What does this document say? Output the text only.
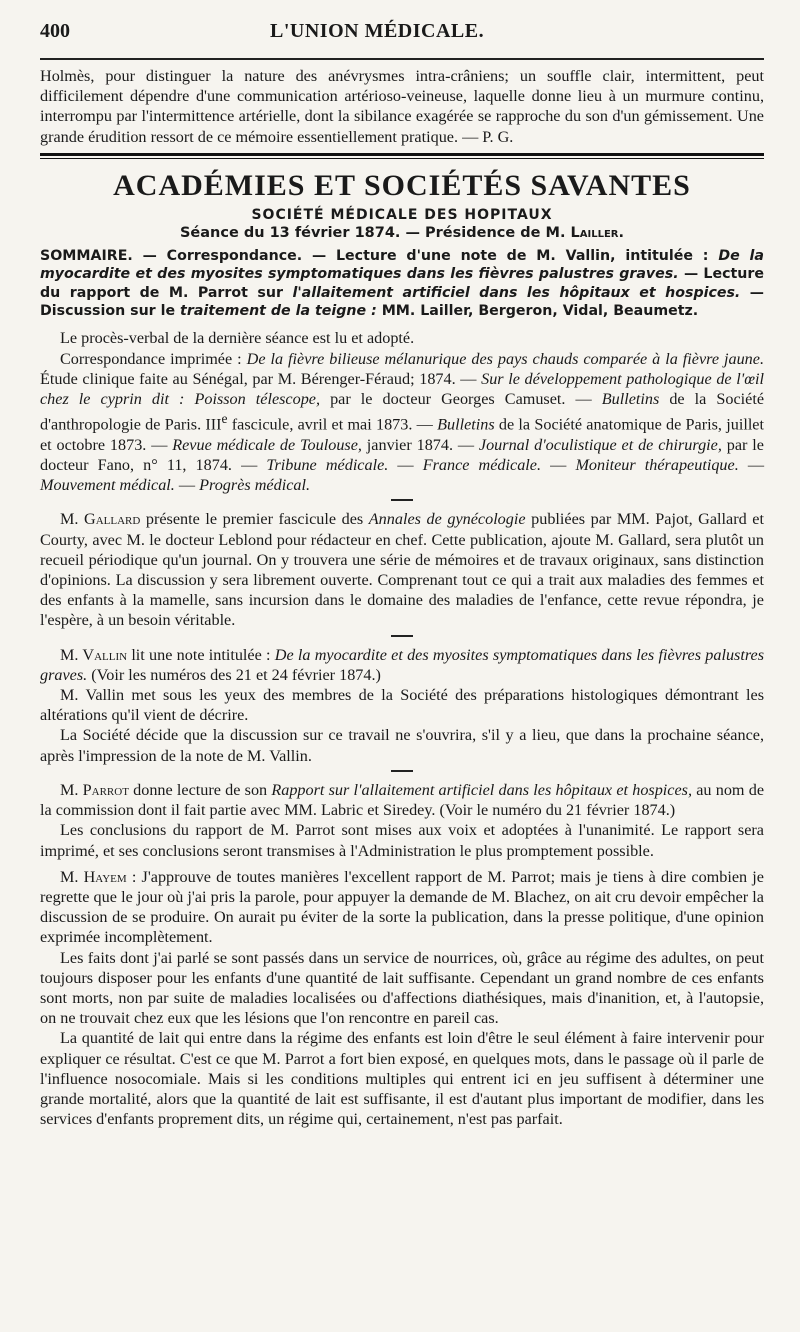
400	L'UNION MÉDICALE.

Holmès, pour distinguer la nature des anévrysmes intra-crâniens; un souffle clair, intermittent, peut difficilement dépendre d'une communication artérioso-veineuse, laquelle donne lieu à un murmure continu, interrompu par l'intermittence artérielle, dont la sibilance exagérée se rapproche du son d'un gémissement. Une grande érudition ressort de ce mémoire essentiellement pratique. — P. G.

ACADÉMIES ET SOCIÉTÉS SAVANTES
SOCIÉTÉ MÉDICALE DES HOPITAUX
Séance du 13 février 1874. — Présidence de M. Lailler.

SOMMAIRE. — Correspondance. — Lecture d'une note de M. Vallin, intitulée : De la myocardite et des myosites symptomatiques dans les fièvres palustres graves. — Lecture du rapport de M. Parrot sur l'allaitement artificiel dans les hôpitaux et hospices. — Discussion sur le traitement de la teigne : MM. Lailler, Bergeron, Vidal, Beaumetz.

Le procès-verbal de la dernière séance est lu et adopté.

Correspondance imprimée : De la fièvre bilieuse mélanurique des pays chauds comparée à la fièvre jaune. Étude clinique faite au Sénégal, par M. Bérenger-Féraud; 1874. — Sur le développement pathologique de l'œil chez le cyprin dit : Poisson télescope, par le docteur Georges Camuset. — Bulletins de la Société d'anthropologie de Paris. IIIe fascicule, avril et mai 1873. — Bulletins de la Société anatomique de Paris, juillet et octobre 1873. — Revue médicale de Toulouse, janvier 1874. — Journal d'oculistique et de chirurgie, par le docteur Fano, n° 11, 1874. — Tribune médicale. — France médicale. — Moniteur thérapeutique. — Mouvement médical. — Progrès médical.

M. Gallard présente le premier fascicule des Annales de gynécologie publiées par MM. Pajot, Gallard et Courty, avec M. le docteur Leblond pour rédacteur en chef. Cette publication, ajoute M. Gallard, sera plutôt un recueil périodique qu'un journal. On y trouvera une série de mémoires et de travaux originaux, sans distinction d'opinions. La discussion y sera librement ouverte. Comprenant tout ce qui a trait aux maladies des femmes et des enfants à la mamelle, sans incursion dans le domaine des maladies de l'enfance, cette revue répondra, je l'espère, à un besoin véritable.

M. Vallin lit une note intitulée : De la myocardite et des myosites symptomatiques dans les fièvres palustres graves. (Voir les numéros des 21 et 24 février 1874.)

M. Vallin met sous les yeux des membres de la Société des préparations histologiques démontrant les altérations qu'il vient de décrire.

La Société décide que la discussion sur ce travail ne s'ouvrira, s'il y a lieu, que dans la prochaine séance, après l'impression de la note de M. Vallin.

M. Parrot donne lecture de son Rapport sur l'allaitement artificiel dans les hôpitaux et hospices, au nom de la commission dont il fait partie avec MM. Labric et Siredey. (Voir le numéro du 21 février 1874.)

Les conclusions du rapport de M. Parrot sont mises aux voix et adoptées à l'unanimité. Le rapport sera imprimé, et ses conclusions seront transmises à l'Administration le plus promptement possible.

M. Hayem : J'approuve de toutes manières l'excellent rapport de M. Parrot; mais je tiens à dire combien je regrette que le jour où j'ai pris la parole, pour appuyer la demande de M. Blachez, on ait cru devoir empêcher la discussion de se produire. On aurait pu éviter de la sorte la publication, dans la presse politique, d'une opinion exprimée incomplètement.

Les faits dont j'ai parlé se sont passés dans un service de nourrices, où, grâce au régime des adultes, on peut toujours disposer pour les enfants d'une quantité de lait suffisante. Cependant un grand nombre de ces enfants sont morts, non par suite de maladies localisées ou d'affections diathésiques, mais d'inanition, et, à l'autopsie, on ne trouvait chez eux que les lésions que l'on rencontre en pareil cas.

La quantité de lait qui entre dans la régime des enfants est loin d'être le seul élément à faire intervenir pour expliquer ce résultat. C'est ce que M. Parrot a fort bien exposé, en quelques mots, dans le passage où il parle de l'influence nosocomiale. Mais si les conditions multiples qui entrent ici en jeu suffisent à déterminer une grande mortalité, alors que la quantité de lait est suffisante, il est d'autant plus important de modifier, dans les services d'enfants proprement dits, un régime qui, certainement, n'est pas parfait.
